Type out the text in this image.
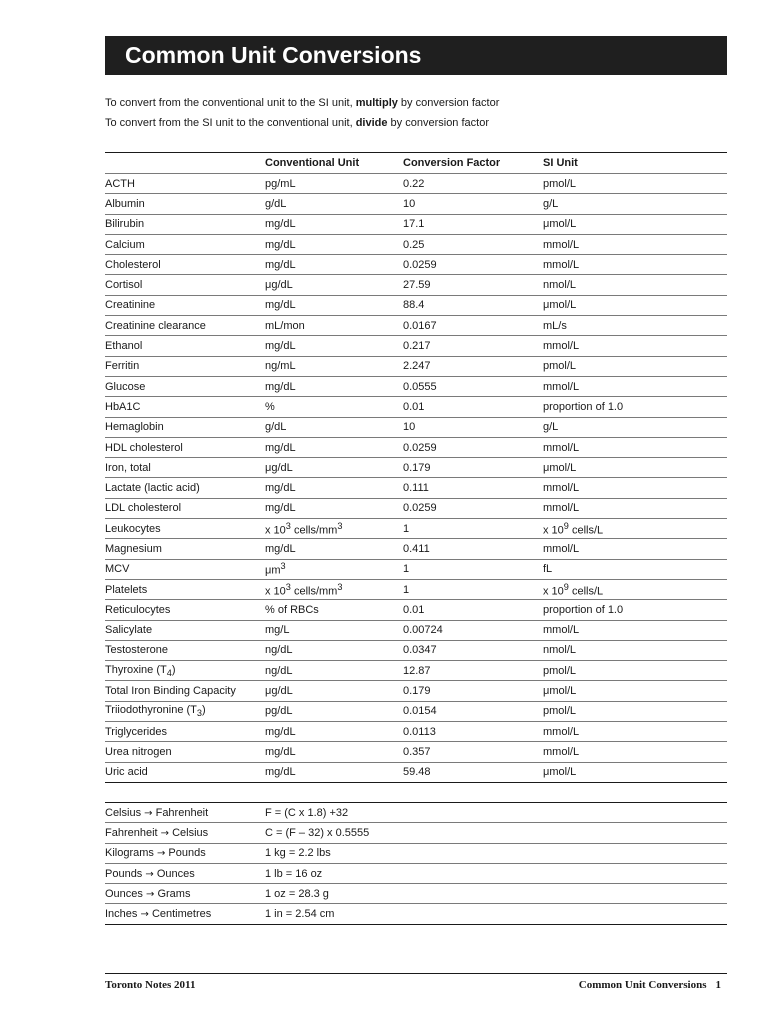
Common Unit Conversions
To convert from the conventional unit to the SI unit, multiply by conversion factor
To convert from the SI unit to the conventional unit, divide by conversion factor
	Conventional Unit	Conversion Factor	SI Unit
ACTH	pg/mL	0.22	pmol/L
Albumin	g/dL	10	g/L
Bilirubin	mg/dL	17.1	μmol/L
Calcium	mg/dL	0.25	mmol/L
Cholesterol	mg/dL	0.0259	mmol/L
Cortisol	μg/dL	27.59	nmol/L
Creatinine	mg/dL	88.4	μmol/L
Creatinine clearance	mL/mon	0.0167	mL/s
Ethanol	mg/dL	0.217	mmol/L
Ferritin	ng/mL	2.247	pmol/L
Glucose	mg/dL	0.0555	mmol/L
HbA1C	%	0.01	proportion of 1.0
Hemaglobin	g/dL	10	g/L
HDL cholesterol	mg/dL	0.0259	mmol/L
Iron, total	μg/dL	0.179	μmol/L
Lactate (lactic acid)	mg/dL	0.111	mmol/L
LDL cholesterol	mg/dL	0.0259	mmol/L
Leukocytes	x $10^3$ cells/$mm^3$	1	x $10^9$ cells/L
Magnesium	mg/dL	0.411	mmol/L
MCV	$\mu m^3$	1	fL
Platelets	x $10^3$ cells/$mm^3$	1	x $10^9$ cells/L
Reticulocytes	% of RBCs	0.01	proportion of 1.0
Salicylate	mg/L	0.00724	mmol/L
Testosterone	ng/dL	0.0347	nmol/L
Thyroxine $(T_4)$	ng/dL	12.87	pmol/L
Total Iron Binding Capacity	μg/dL	0.179	μmol/L
Triiodothyronine $(T_3)$	pg/dL	0.0154	pmol/L
Triglycerides	mg/dL	0.0113	mmol/L
Urea nitrogen	mg/dL	0.357	mmol/L
Uric acid	mg/dL	59.48	μmol/L
Celsius → Fahrenheit	F = (C x 1.8) +32
Fahrenheit → Celsius	C = (F – 32) x 0.5555
Kilograms → Pounds	1 kg = 2.2 lbs
Pounds → Ounces	1 lb = 16 oz
Ounces → Grams	1 oz = 28.3 g
Inches → Centimetres	1 in = 2.54 cm
Toronto Notes 2011	Common Unit Conversions 1
